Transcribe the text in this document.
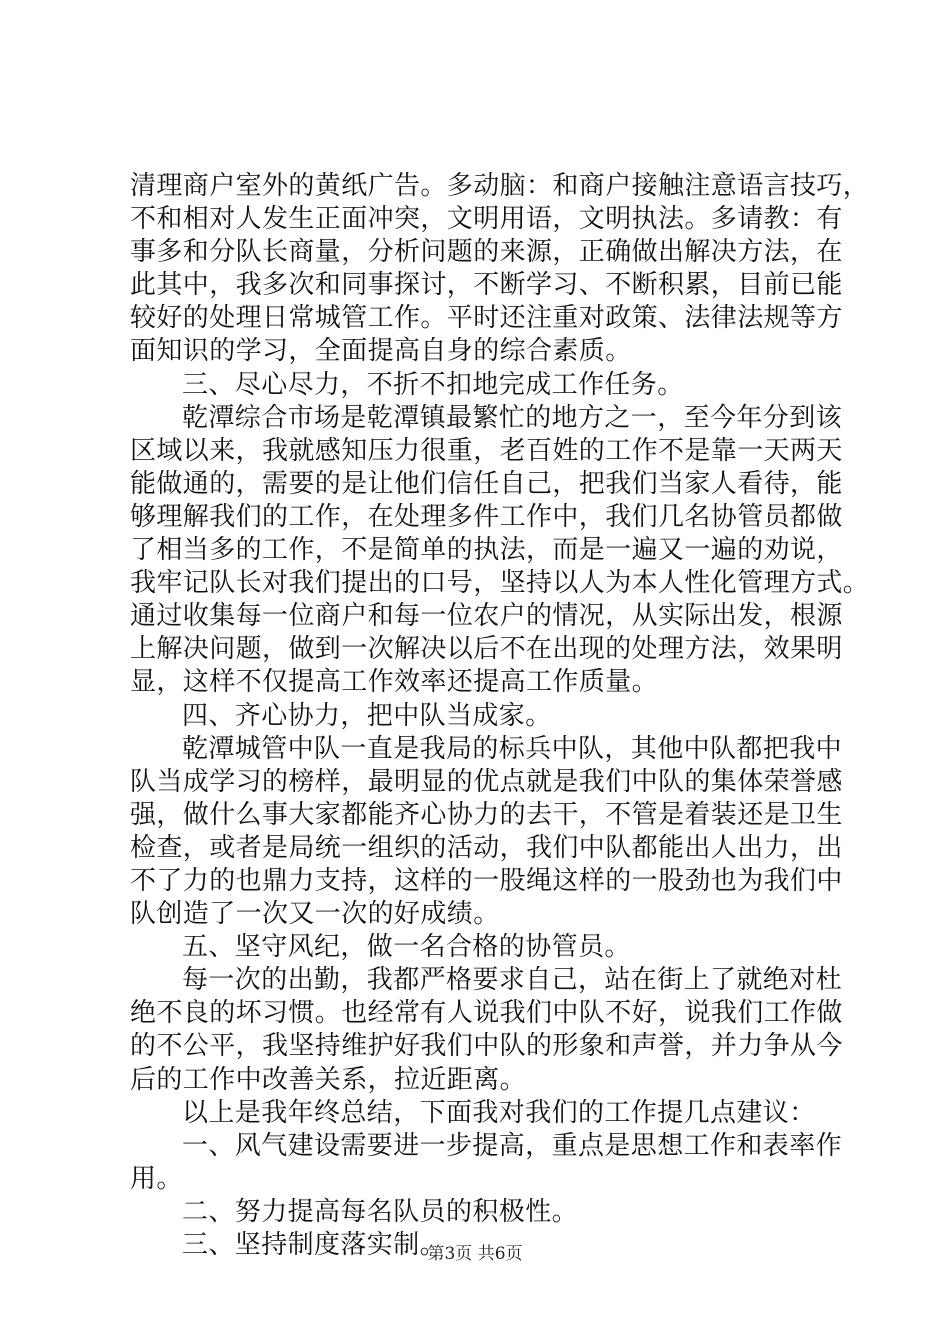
清理商户室外的黄纸广告。多动脑：和商户接触注意语言技巧，
不和相对人发生正面冲突，文明用语，文明执法。多请教：有
事多和分队长商量，分析问题的来源，正确做出解决方法，在
此其中，我多次和同事探讨，不断学习、不断积累，目前已能
较好的处理日常城管工作。平时还注重对政策、法律法规等方
面知识的学习，全面提高自身的综合素质。
三、尽心尽力，不折不扣地完成工作任务。
乾潭综合市场是乾潭镇最繁忙的地方之一，至今年分到该
区域以来，我就感知压力很重，老百姓的工作不是靠一天两天
能做通的，需要的是让他们信任自己，把我们当家人看待，能
够理解我们的工作，在处理多件工作中，我们几名协管员都做
了相当多的工作，不是简单的执法，而是一遍又一遍的劝说，
我牢记队长对我们提出的口号，坚持以人为本人性化管理方式。
通过收集每一位商户和每一位农户的情况，从实际出发，根源
上解决问题，做到一次解决以后不在出现的处理方法，效果明
显，这样不仅提高工作效率还提高工作质量。
四、齐心协力，把中队当成家。
乾潭城管中队一直是我局的标兵中队，其他中队都把我中
队当成学习的榜样，最明显的优点就是我们中队的集体荣誉感
强，做什么事大家都能齐心协力的去干，不管是着装还是卫生
检查，或者是局统一组织的活动，我们中队都能出人出力，出
不了力的也鼎力支持，这样的一股绳这样的一股劲也为我们中
队创造了一次又一次的好成绩。
五、坚守风纪，做一名合格的协管员。
每一次的出勤，我都严格要求自己，站在街上了就绝对杜
绝不良的坏习惯。也经常有人说我们中队不好，说我们工作做
的不公平，我坚持维护好我们中队的形象和声誉，并力争从今
后的工作中改善关系，拉近距离。
以上是我年终总结，下面我对我们的工作提几点建议：
一、风气建设需要进一步提高，重点是思想工作和表率作
用。
二、努力提高每名队员的积极性。
三、坚持制度落实制。
第3页 共6页
